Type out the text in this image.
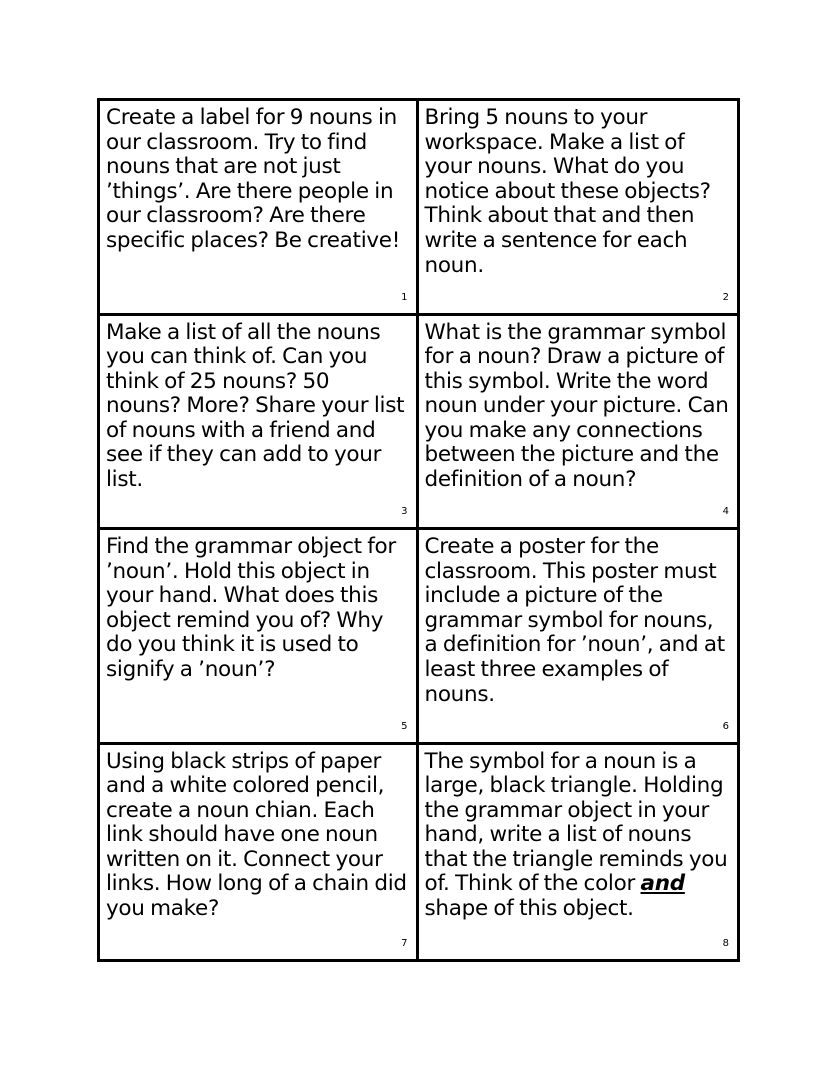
Create a label for 9 nouns in our classroom. Try to find nouns that are not just ’things’. Are there people in our classroom? Are there specific places? Be creative!

1

Bring 5 nouns to your workspace. Make a list of your nouns. What do you notice about these objects? Think about that and then write a sentence for each noun.

2

Make a list of all the nouns you can think of. Can you think of 25 nouns? 50 nouns? More? Share your list of nouns with a friend and see if they can add to your list.

3

What is the grammar symbol for a noun? Draw a picture of this symbol. Write the word noun under your picture. Can you make any connections between the picture and the definition of a noun?

4

Find the grammar object for ’noun’. Hold this object in your hand. What does this object remind you of? Why do you think it is used to signify a ’noun’?

5

Create a poster for the classroom. This poster must include a picture of the grammar symbol for nouns, a definition for ’noun’, and at least three examples of nouns.

6

Using black strips of paper and a white colored pencil, create a noun chian. Each link should have one noun written on it. Connect your links. How long of a chain did you make?

7

The symbol for a noun is a large, black triangle. Holding the grammar object in your hand, write a list of nouns that the triangle reminds you of. Think of the color and shape of this object.

8
